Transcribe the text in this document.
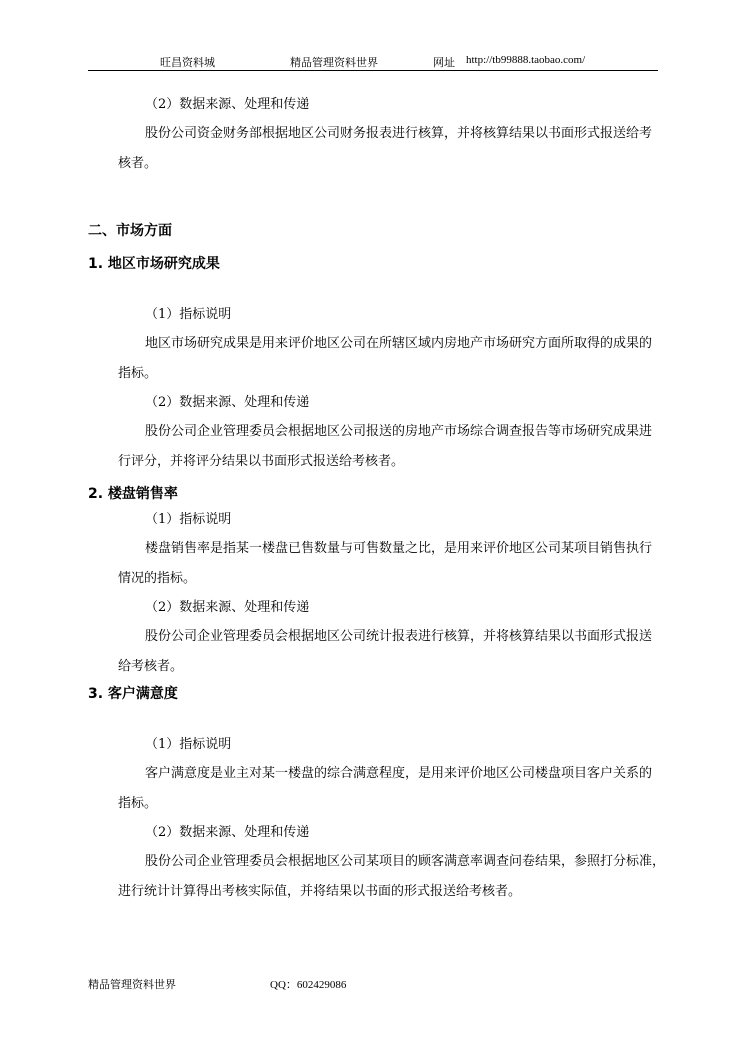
旺昌资料城	精品管理资料世界	网址 http://tb99888.taobao.com/
（2）数据来源、处理和传递
股份公司资金财务部根据地区公司财务报表进行核算，并将核算结果以书面形式报送给考
核者。
二、市场方面
1. 地区市场研究成果
（1）指标说明
地区市场研究成果是用来评价地区公司在所辖区域内房地产市场研究方面所取得的成果的
指标。
（2）数据来源、处理和传递
股份公司企业管理委员会根据地区公司报送的房地产市场综合调查报告等市场研究成果进
行评分，并将评分结果以书面形式报送给考核者。
2. 楼盘销售率
（1）指标说明
楼盘销售率是指某一楼盘已售数量与可售数量之比，是用来评价地区公司某项目销售执行
情况的指标。
（2）数据来源、处理和传递
股份公司企业管理委员会根据地区公司统计报表进行核算，并将核算结果以书面形式报送
给考核者。
3. 客户满意度
（1）指标说明
客户满意度是业主对某一楼盘的综合满意程度，是用来评价地区公司楼盘项目客户关系的
指标。
（2）数据来源、处理和传递
股份公司企业管理委员会根据地区公司某项目的顾客满意率调查问卷结果，参照打分标准，
进行统计计算得出考核实际值，并将结果以书面的形式报送给考核者。
精品管理资料世界	QQ：602429086
